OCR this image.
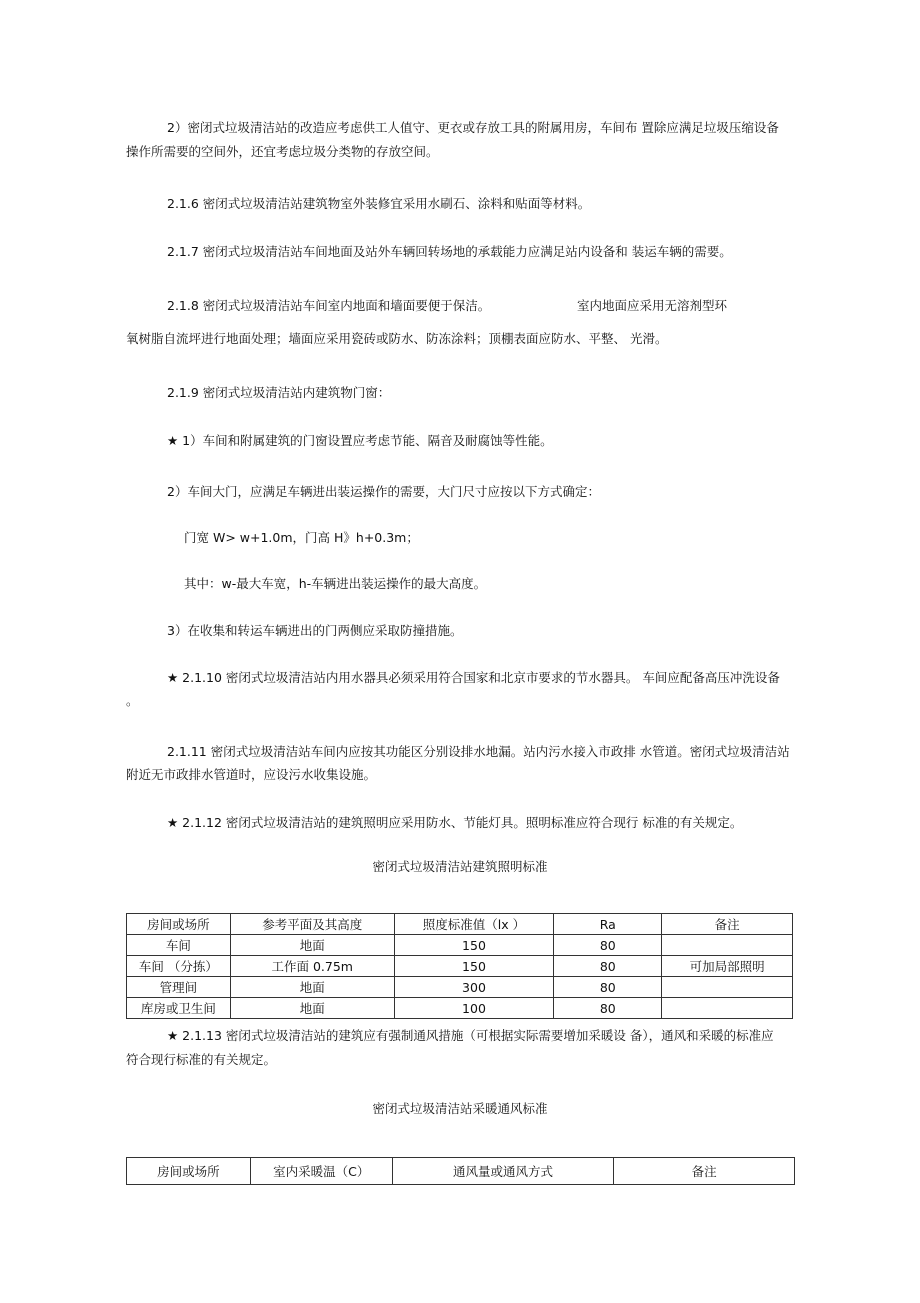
2）密闭式垃圾清洁站的改造应考虑供工人值守、更衣或存放工具的附属用房，车间布 置除应满足垃圾压缩设备
操作所需要的空间外，还宜考虑垃圾分类物的存放空间。
2.1.6 密闭式垃圾清洁站建筑物室外装修宜采用水刷石、涂料和贴面等材料。
2.1.7 密闭式垃圾清洁站车间地面及站外车辆回转场地的承载能力应满足站内设备和 装运车辆的需要。
2.1.8 密闭式垃圾清洁站车间室内地面和墙面要便于保洁。	室内地面应采用无溶剂型环
氧树脂自流坪进行地面处理；墙面应采用瓷砖或防水、防冻涂料；顶棚表面应防水、平整、 光滑。
2.1.9 密闭式垃圾清洁站内建筑物门窗：
★ 1）车间和附属建筑的门窗设置应考虑节能、隔音及耐腐蚀等性能。
2）车间大门，应满足车辆进出装运操作的需要，大门尺寸应按以下方式确定：
门宽 W> w+1.0m，门高 H》h+0.3m；
其中：w-最大车宽，h-车辆进出装运操作的最大高度。
3）在收集和转运车辆进出的门两侧应采取防撞措施。
★ 2.1.10 密闭式垃圾清洁站内用水器具必须采用符合国家和北京市要求的节水器具。 车间应配备高压冲洗设备
。
2.1.11 密闭式垃圾清洁站车间内应按其功能区分别设排水地漏。站内污水接入市政排 水管道。密闭式垃圾清洁站
附近无市政排水管道时，应设污水收集设施。
★ 2.1.12 密闭式垃圾清洁站的建筑照明应采用防水、节能灯具。照明标准应符合现行 标准的有关规定。
密闭式垃圾清洁站建筑照明标准
房间或场所	参考平面及其高度	照度标准值（lx ）	Ra	备注
车间	地面	150	80	
车间 （分拣）	工作面 0.75m	150	80	可加局部照明
管理间	地面	300	80	
库房或卫生间	地面	100	80	
★ 2.1.13 密闭式垃圾清洁站的建筑应有强制通风措施（可根据实际需要增加采暖设 备），通风和采暖的标准应
符合现行标准的有关规定。
密闭式垃圾清洁站采暖通风标准
房间或场所	室内采暖温（C）	通风量或通风方式	备注
